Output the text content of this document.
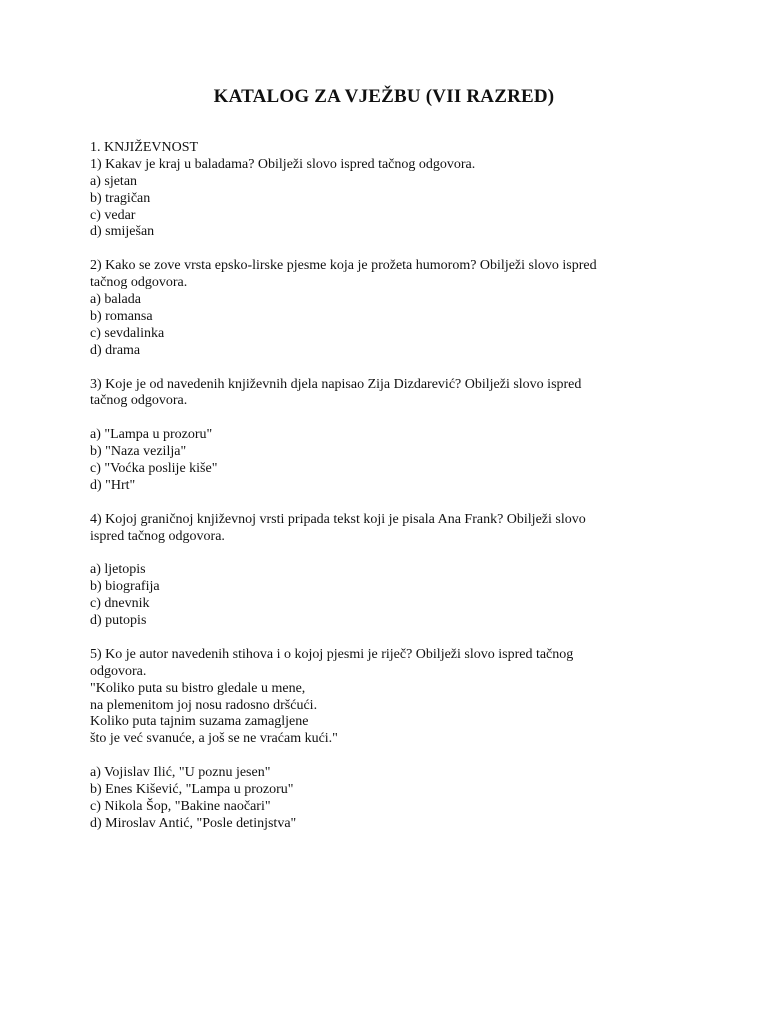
KATALOG ZA VJEŽBU (VII RAZRED)
1. KNJIŽEVNOST
1) Kakav je kraj u baladama? Obilježi slovo ispred tačnog odgovora.
a) sjetan
b) tragičan
c) vedar
d) smiješan
2) Kako se zove vrsta epsko-lirske pjesme koja je prožeta humorom? Obilježi slovo ispred
tačnog odgovora.
a) balada
b) romansa
c) sevdalinka
d) drama
3) Koje je od navedenih književnih djela napisao Zija Dizdarević? Obilježi slovo ispred
tačnog odgovora.
a) "Lampa u prozoru"
b) "Naza vezilja"
c) "Voćka poslije kiše"
d) "Hrt"
4) Kojoj graničnoj književnoj vrsti pripada tekst koji je pisala Ana Frank? Obilježi slovo
ispred tačnog odgovora.
a) ljetopis
b) biografija
c) dnevnik
d) putopis
5) Ko je autor navedenih stihova i o kojoj pjesmi je riječ? Obilježi slovo ispred tačnog
odgovora.
"Koliko puta su bistro gledale u mene,
na plemenitom joj nosu radosno dršćući.
Koliko puta tajnim suzama zamagljene
što je već svanuće, a još se ne vraćam kući."
a) Vojislav Ilić, "U poznu jesen"
b) Enes Kišević, "Lampa u prozoru"
c) Nikola Šop, "Bakine naočari"
d) Miroslav Antić, "Posle detinjstva"
